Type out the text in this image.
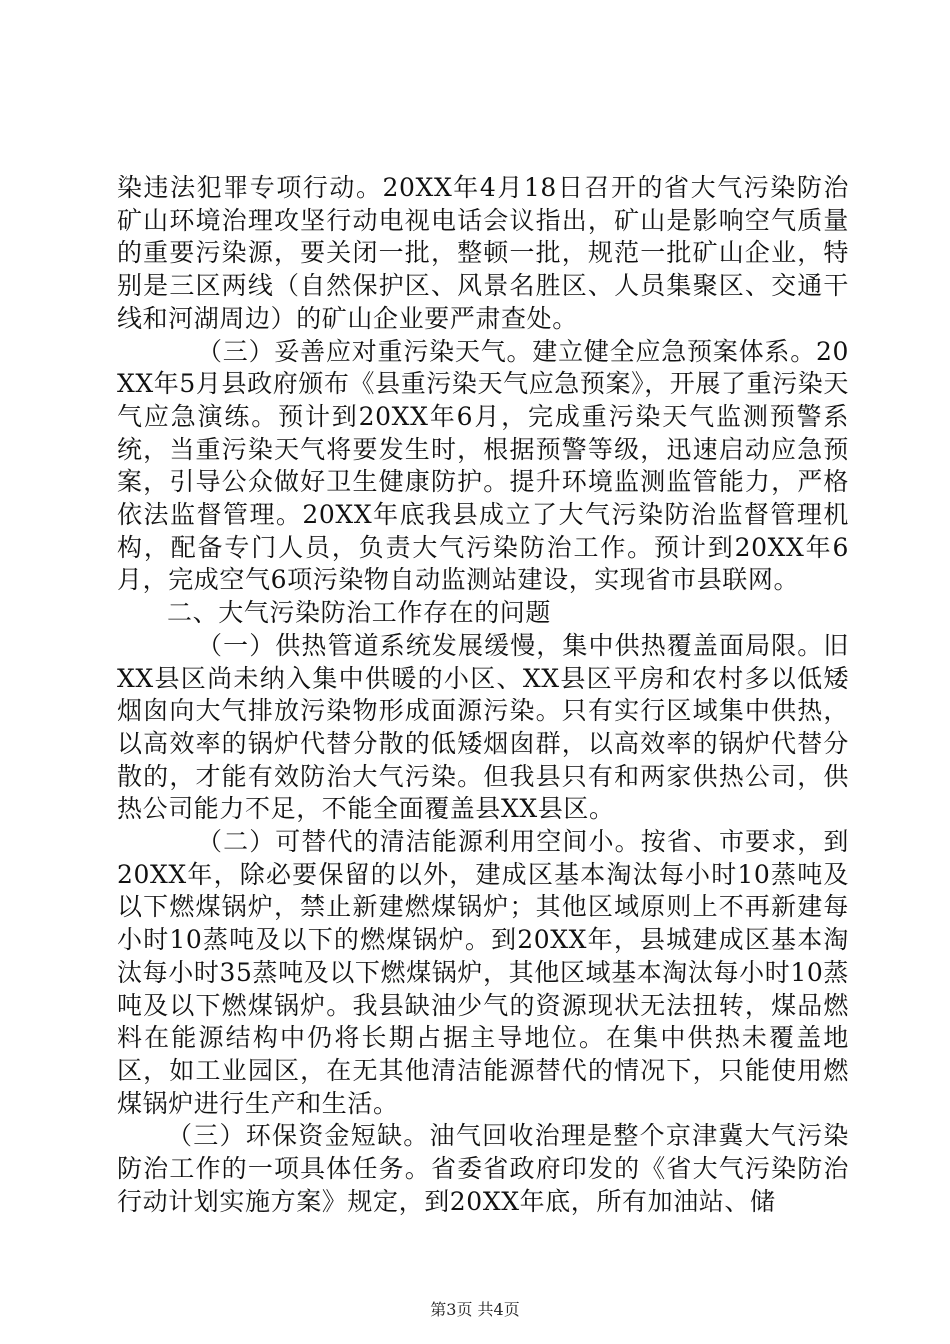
染违法犯罪专项行动。20XX年4月18日召开的省大气污染防治矿山环境治理攻坚行动电视电话会议指出，矿山是影响空气质量的重要污染源，要关闭一批，整顿一批，规范一批矿山企业，特别是三区两线（自然保护区、风景名胜区、人员集聚区、交通干线和河湖周边）的矿山企业要严肃查处。

（三）妥善应对重污染天气。建立健全应急预案体系。20XX年5月县政府颁布《县重污染天气应急预案》，开展了重污染天气应急演练。预计到20XX年6月，完成重污染天气监测预警系统，当重污染天气将要发生时，根据预警等级，迅速启动应急预案，引导公众做好卫生健康防护。提升环境监测监管能力，严格依法监督管理。20XX年底我县成立了大气污染防治监督管理机构，配备专门人员，负责大气污染防治工作。预计到20XX年6月，完成空气6项污染物自动监测站建设，实现省市县联网。

二、大气污染防治工作存在的问题

（一）供热管道系统发展缓慢，集中供热覆盖面局限。旧XX县区尚未纳入集中供暖的小区、XX县区平房和农村多以低矮烟囱向大气排放污染物形成面源污染。只有实行区域集中供热，以高效率的锅炉代替分散的低矮烟囱群，以高效率的锅炉代替分散的，才能有效防治大气污染。但我县只有和两家供热公司，供热公司能力不足，不能全面覆盖县XX县区。

（二）可替代的清洁能源利用空间小。按省、市要求，到20XX年，除必要保留的以外，建成区基本淘汰每小时10蒸吨及以下燃煤锅炉，禁止新建燃煤锅炉；其他区域原则上不再新建每小时10蒸吨及以下的燃煤锅炉。到20XX年，县城建成区基本淘汰每小时35蒸吨及以下燃煤锅炉，其他区域基本淘汰每小时10蒸吨及以下燃煤锅炉。我县缺油少气的资源现状无法扭转，煤品燃料在能源结构中仍将长期占据主导地位。在集中供热未覆盖地区，如工业园区，在无其他清洁能源替代的情况下，只能使用燃煤锅炉进行生产和生活。

（三）环保资金短缺。油气回收治理是整个京津冀大气污染防治工作的一项具体任务。省委省政府印发的《省大气污染防治行动计划实施方案》规定，到20XX年底，所有加油站、储

第3页 共4页
